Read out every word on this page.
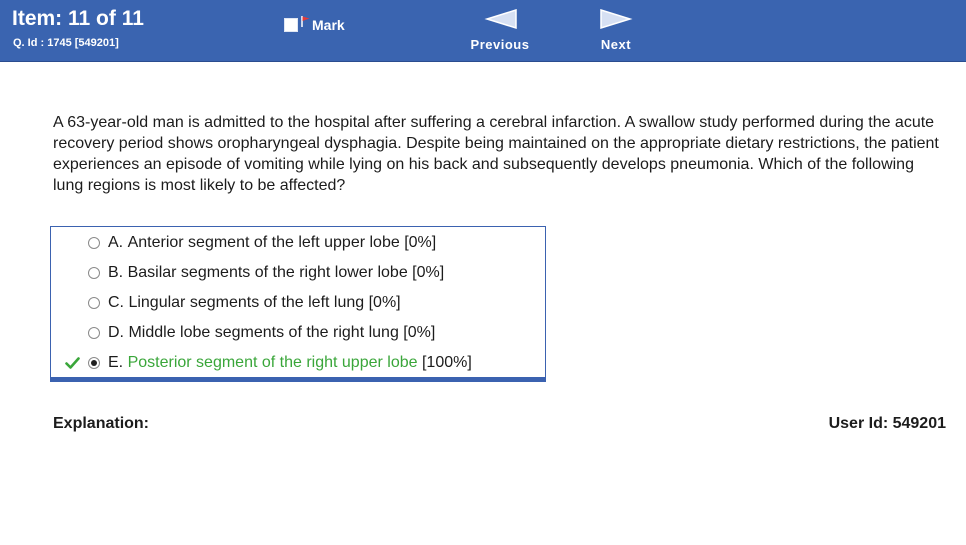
Item: 11 of 11
Q. Id : 1745 [549201]
Mark
Previous	Next
A 63-year-old man is admitted to the hospital after suffering a cerebral infarction. A swallow study performed during the acute recovery period shows oropharyngeal dysphagia. Despite being maintained on the appropriate dietary restrictions, the patient experiences an episode of vomiting while lying on his back and subsequently develops pneumonia. Which of the following lung regions is most likely to be affected?
A.
Anterior segment of the left upper lobe
[0%]
B.
Basilar segments of the right lower lobe
[0%]
C.
Lingular segments of the left lung
[0%]
D.
Middle lobe segments of the right lung
[0%]
E.
Posterior segment of the right upper lobe
[100%]
Explanation:	User Id: 549201
